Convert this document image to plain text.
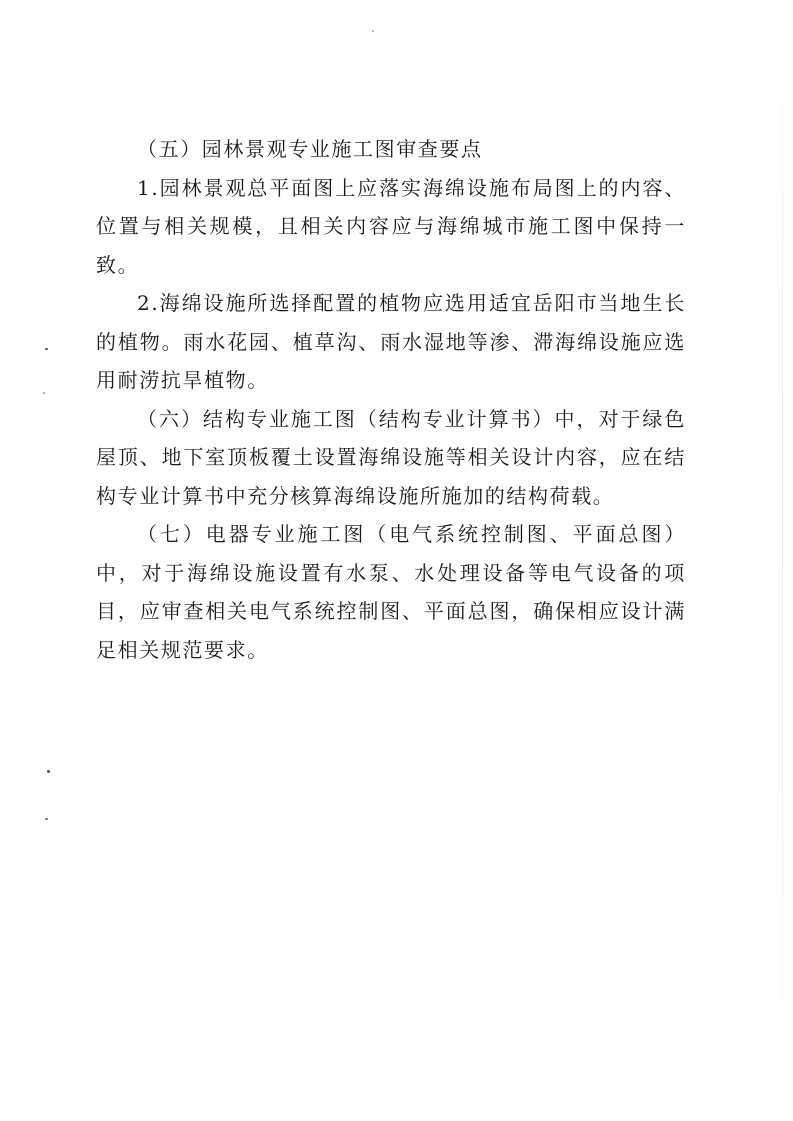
（五）园林景观专业施工图审查要点

1.园林景观总平面图上应落实海绵设施布局图上的内容、位置与相关规模，且相关内容应与海绵城市施工图中保持一致。

2.海绵设施所选择配置的植物应选用适宜岳阳市当地生长的植物。雨水花园、植草沟、雨水湿地等渗、滞海绵设施应选用耐涝抗旱植物。

（六）结构专业施工图（结构专业计算书）中，对于绿色屋顶、地下室顶板覆土设置海绵设施等相关设计内容，应在结构专业计算书中充分核算海绵设施所施加的结构荷载。

（七）电器专业施工图（电气系统控制图、平面总图）中，对于海绵设施设置有水泵、水处理设备等电气设备的项目，应审查相关电气系统控制图、平面总图，确保相应设计满足相关规范要求。
